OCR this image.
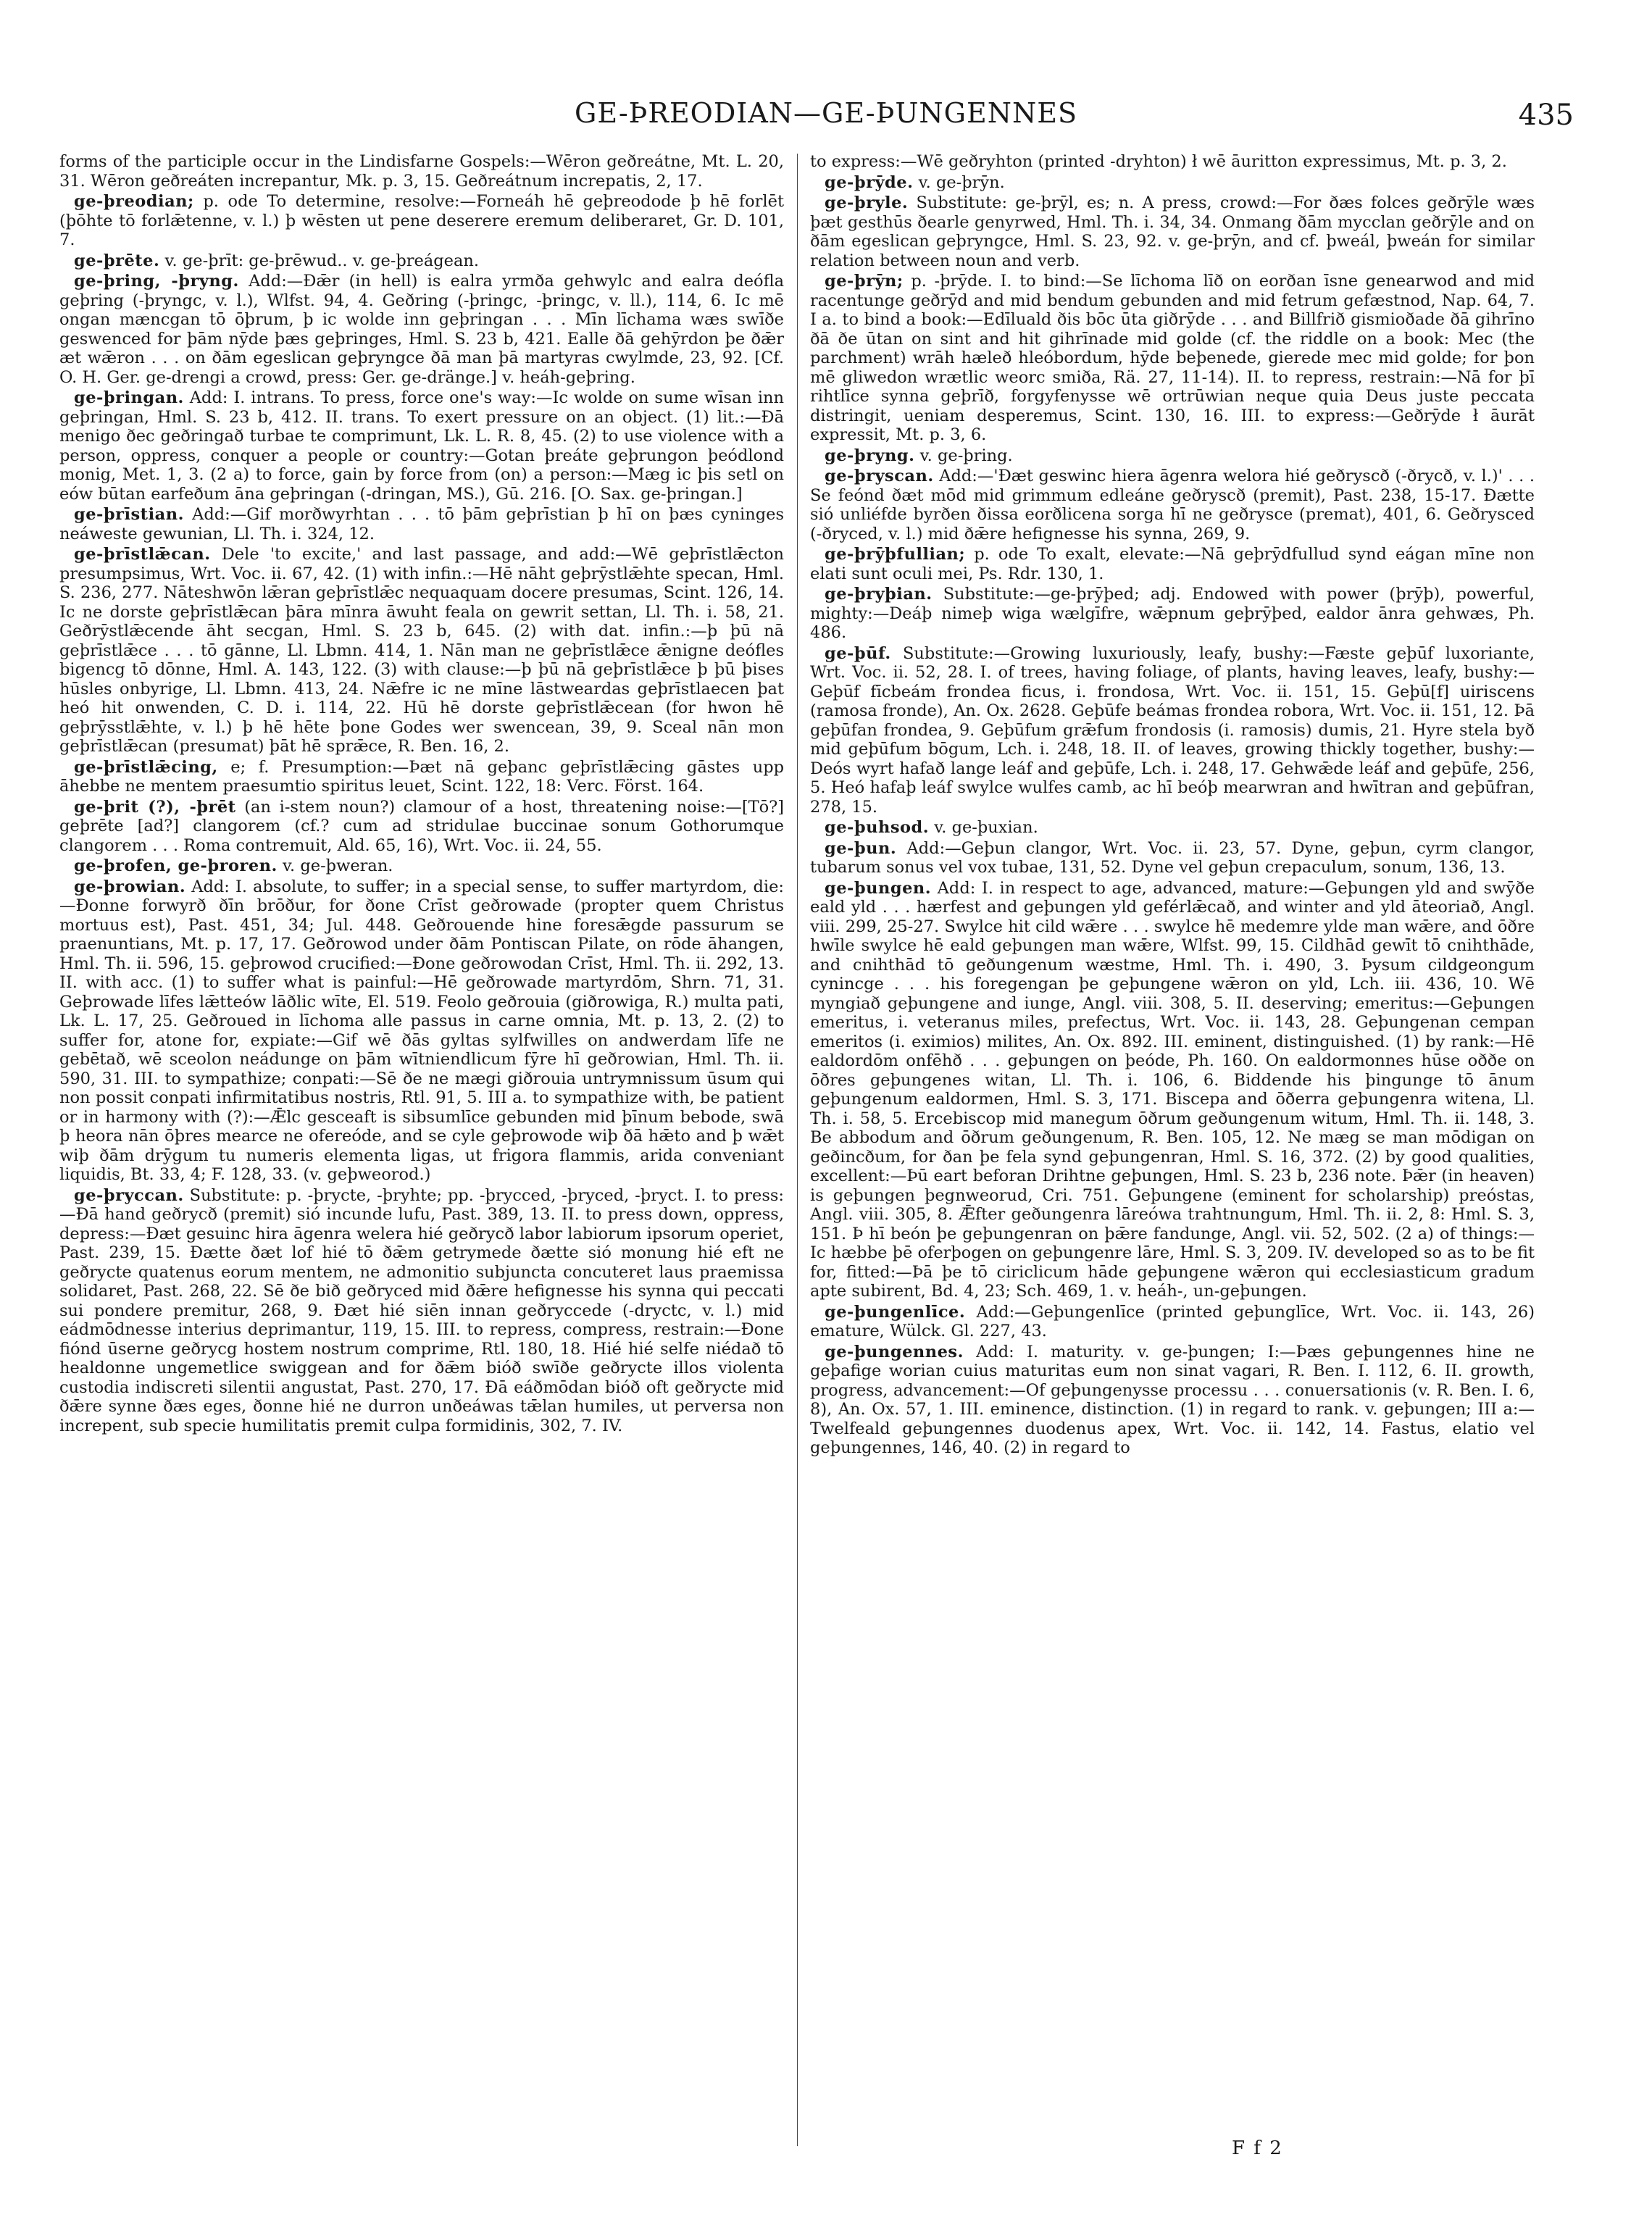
GE-ÞREODIAN—GE-ÞUNGENNES	435

forms of the participle occur in the Lindisfarne Gospels:—Wēron geðreátne, Mt. L. 20, 31. Wēron geðreáten increpantur, Mk. p. 3, 15. Geðreátnum increpatis, 2, 17.

ge-þreodian; p. ode To determine, resolve:—Forneáh hē geþreodode þ hē forlēt (þōhte tō forlǣtenne, v. l.) þ wēsten ut pene deserere eremum deliberaret, Gr. D. 101, 7.

ge-þrēte. v. ge-þrīt: ge-þrēwud.. v. ge-þreágean.

ge-þring, -þryng. Add:—Ðǣr (in hell) is ealra yrmða gehwylc and ealra deófla geþring (-þryngc, v. l.), Wlfst. 94, 4. Geðring (-þringc, -þringc, v. ll.), 114, 6. Ic mē ongan mæncgan tō ōþrum, þ ic wolde inn geþringan . . . Mīn līchama wæs swīðe geswenced for þām nȳde þæs geþringes, Hml. S. 23 b, 421. Ealle ðā gehȳrdon þe ðǣr æt wǣron . . . on ðām egeslican geþryngce ðā man þā martyras cwylmde, 23, 92. [Cf. O. H. Ger. ge-drengi a crowd, press: Ger. ge-dränge.] v. heáh-geþring.

ge-þringan. Add: I. intrans. To press, force one's way:—Ic wolde on sume wīsan inn geþringan, Hml. S. 23 b, 412. II. trans. To exert pressure on an object. (1) lit.:—Ðā menigo ðec geðringað turbae te comprimunt, Lk. L. R. 8, 45. (2) to use violence with a person, oppress, conquer a people or country:—Gotan þreáte geþrungon þeódlond monig, Met. 1, 3. (2 a) to force, gain by force from (on) a person:—Mæg ic þis setl on eów būtan earfeðum āna geþringan (-dringan, MS.), Gū. 216. [O. Sax. ge-þringan.]

ge-þrīstian. Add:—Gif morðwyrhtan . . . tō þām geþrīstian þ hī on þæs cyninges neáweste gewunian, Ll. Th. i. 324, 12.

ge-þrīstlǣcan. Dele 'to excite,' and last passage, and add:—Wē geþrīstlǣcton presumpsimus, Wrt. Voc. ii. 67, 42. (1) with infin.:—Hē nāht geþrȳstlǣhte specan, Hml. S. 236, 277. Nāteshwōn lǣran geþrīstlǣc nequaquam docere presumas, Scint. 126, 14. Ic ne dorste geþrīstlǣcan þāra mīnra āwuht feala on gewrit settan, Ll. Th. i. 58, 21. Geðrȳstlǣcende āht secgan, Hml. S. 23 b, 645. (2) with dat. infin.:—þ þū nā geþrīstlǣce . . . tō gānne, Ll. Lbmn. 414, 1. Nān man ne geþrīstlǣce ǣnigne deófles bigencg tō dōnne, Hml. A. 143, 122. (3) with clause:—þ þū nā geþrīstlǣce þ þū þises hūsles onbyrige, Ll. Lbmn. 413, 24. Nǣfre ic ne mīne lāstweardas geþrīstlaecen þat heó hit onwenden, C. D. i. 114, 22. Hū hē dorste geþrīstlǣcean (for hwon hē geþrȳsstlǣhte, v. l.) þ hē hēte þone Godes wer swencean, 39, 9. Sceal nān mon geþrīstlǣcan (presumat) þāt hē sprǣce, R. Ben. 16, 2.

ge-þrīstlǣcing, e; f. Presumption:—Þæt nā geþanc geþrīstlǣcing gāstes upp āhebbe ne mentem praesumtio spiritus leuet, Scint. 122, 18: Verc. Först. 164.

ge-þrit (?), -þrēt (an i-stem noun?) clamour of a host, threatening noise:—[Tō?] geþrēte [ad?] clangorem (cf.? cum ad stridulae buccinae sonum Gothorumque clangorem . . . Roma contremuit, Ald. 65, 16), Wrt. Voc. ii. 24, 55.

ge-þrofen, ge-þroren. v. ge-þweran.

ge-þrowian. Add: I. absolute, to suffer; in a special sense, to suffer martyrdom, die:—Ðonne forwyrð ðīn brōður, for ðone Crīst geðrowade (propter quem Christus mortuus est), Past. 451, 34; Jul. 448. Geðrouende hine foresǣgde passurum se praenuntians, Mt. p. 17, 17. Geðrowod under ðām Pontiscan Pilate, on rōde āhangen, Hml. Th. ii. 596, 15. geþrowod crucified:—Ðone geðrowodan Crīst, Hml. Th. ii. 292, 13. II. with acc. (1) to suffer what is painful:—Hē geðrowade martyrdōm, Shrn. 71, 31. Geþrowade līfes lǣtteów lāðlic wīte, El. 519. Feolo geðrouia (giðrowiga, R.) multa pati, Lk. L. 17, 25. Geðroued in līchoma alle passus in carne omnia, Mt. p. 13, 2. (2) to suffer for, atone for, expiate:—Gif wē ðās gyltas sylfwilles on andwerdam līfe ne gebētað, wē sceolon neádunge on þām wītniendlicum fȳre hī geðrowian, Hml. Th. ii. 590, 31. III. to sympathize; conpati:—Sē ðe ne mægi giðrouia untrymnissum ūsum qui non possit conpati infirmitatibus nostris, Rtl. 91, 5. III a. to sympathize with, be patient or in harmony with (?):—Ǣlc gesceaft is sibsumlīce gebunden mid þīnum bebode, swā þ heora nān ōþres mearce ne ofereóde, and se cyle geþrowode wiþ ðā hǣto and þ wǣt wiþ ðām drȳgum tu numeris elementa ligas, ut frigora flammis, arida conveniant liquidis, Bt. 33, 4; F. 128, 33. (v. geþweorod.)

ge-þryccan. Substitute: p. -þrycte, -þryhte; pp. -þrycced, -þryced, -þryct. I. to press:—Ðā hand geðrycð (premit) sió incunde lufu, Past. 389, 13. II. to press down, oppress, depress:—Ðæt gesuinc hira āgenra welera hié geðrycð labor labiorum ipsorum operiet, Past. 239, 15. Ðætte ðæt lof hié tō ðǣm getrymede ðætte sió monung hié eft ne geðrycte quatenus eorum mentem, ne admonitio subjuncta concuteret laus praemissa solidaret, Past. 268, 22. Sē ðe bið geðryced mid ðǣre hefignesse his synna qui peccati sui pondere premitur, 268, 9. Ðæt hié siēn innan geðryccede (-dryctc, v. l.) mid eádmōdnesse interius deprimantur, 119, 15. III. to repress, compress, restrain:—Ðone fiónd ūserne geðrycg hostem nostrum comprime, Rtl. 180, 18. Hié hié selfe niédað tō healdonne ungemetlice swiggean and for ðǣm bióð swīðe geðrycte illos violenta custodia indiscreti silentii angustat, Past. 270, 17. Ðā eáðmōdan bióð oft geðrycte mid ðǣre synne ðæs eges, ðonne hié ne durron unðeáwas tǣlan humiles, ut perversa non increpent, sub specie humilitatis premit culpa formidinis, 302, 7. IV.

to express:—Wē geðryhton (printed -dryhton) ł wē āuritton expressimus, Mt. p. 3, 2.

ge-þrȳde. v. ge-þrȳn.

ge-þryle. Substitute: ge-þrȳl, es; n. A press, crowd:—For ðæs folces geðrȳle wæs þæt gesthūs ðearle genyrwed, Hml. Th. i. 34, 34. Onmang ðām mycclan geðrȳle and on ðām egeslican geþryngce, Hml. S. 23, 92. v. ge-þrȳn, and cf. þweál, þweán for similar relation between noun and verb.

ge-þrȳn; p. -þrȳde. I. to bind:—Se līchoma līð on eorðan īsne genearwod and mid racentunge geðrȳd and mid bendum gebunden and mid fetrum gefæstnod, Nap. 64, 7. I a. to bind a book:—Edīluald ðis bōc ūta giðrȳde . . . and Billfrið gismioðade ðā gihrīno ðā ðe ūtan on sint and hit gihrīnade mid golde (cf. the riddle on a book: Mec (the parchment) wrāh hæleð hleóbordum, hȳde beþenede, gierede mec mid golde; for þon mē gliwedon wrætlic weorc smiða, Rä. 27, 11-14). II. to repress, restrain:—Nā for þī rihtlīce synna geþrīð, forgyfenysse wē ortrūwian neque quia Deus juste peccata distringit, ueniam desperemus, Scint. 130, 16. III. to express:—Geðrȳde ł āurāt expressit, Mt. p. 3, 6.

ge-þryng. v. ge-þring.

ge-þryscan. Add:—'Ðæt geswinc hiera āgenra welora hié geðryscð (-ðrycð, v. l.)' . . . Se feónd ðæt mōd mid grimmum edleáne geðryscð (premit), Past. 238, 15-17. Ðætte sió unliéfde byrðen ðissa eorðlicena sorga hī ne geðrysce (premat), 401, 6. Geðrysced (-ðryced, v. l.) mid ðǣre hefignesse his synna, 269, 9.

ge-þrȳþfullian; p. ode To exalt, elevate:—Nā geþrȳdfullud synd eágan mīne non elati sunt oculi mei, Ps. Rdr. 130, 1.

ge-þryþian. Substitute:—ge-þrȳþed; adj. Endowed with power (þrȳþ), powerful, mighty:—Deáþ nimeþ wiga wælgīfre, wǣpnum geþrȳþed, ealdor ānra gehwæs, Ph. 486.

ge-þūf. Substitute:—Growing luxuriously, leafy, bushy:—Fæste geþūf luxoriante, Wrt. Voc. ii. 52, 28. I. of trees, having foliage, of plants, having leaves, leafy, bushy:—Geþūf fīcbeám frondea ficus, i. frondosa, Wrt. Voc. ii. 151, 15. Geþū[f] uiriscens (ramosa fronde), An. Ox. 2628. Geþūfe beámas frondea robora, Wrt. Voc. ii. 151, 12. Þā geþūfan frondea, 9. Geþūfum grǣfum frondosis (i. ramosis) dumis, 21. Hyre stela byð mid geþūfum bōgum, Lch. i. 248, 18. II. of leaves, growing thickly together, bushy:—Deós wyrt hafað lange leáf and geþūfe, Lch. i. 248, 17. Gehwǣde leáf and geþūfe, 256, 5. Heó hafaþ leáf swylce wulfes camb, ac hī beóþ mearwran and hwītran and geþūfran, 278, 15.

ge-þuhsod. v. ge-þuxian.

ge-þun. Add:—Geþun clangor, Wrt. Voc. ii. 23, 57. Dyne, geþun, cyrm clangor, tubarum sonus vel vox tubae, 131, 52. Dyne vel geþun crepaculum, sonum, 136, 13.

ge-þungen. Add: I. in respect to age, advanced, mature:—Geþungen yld and swȳðe eald yld . . . hærfest and geþungen yld geférlǣcað, and winter and yld āteoriað, Angl. viii. 299, 25-27. Swylce hit cild wǣre . . . swylce hē medemre ylde man wǣre, and ōðre hwīle swylce hē eald geþungen man wǣre, Wlfst. 99, 15. Cildhād gewīt tō cnihthāde, and cnihthād tō geðungenum wæstme, Hml. Th. i. 490, 3. Þysum cildgeongum cynincge . . . his foregengan þe geþungene wǣron on yld, Lch. iii. 436, 10. Wē myngiað geþungene and iunge, Angl. viii. 308, 5. II. deserving; emeritus:—Geþungen emeritus, i. veteranus miles, prefectus, Wrt. Voc. ii. 143, 28. Geþungenan cempan emeritos (i. eximios) milites, An. Ox. 892. III. eminent, distinguished. (1) by rank:—Hē ealdordōm onfēhð . . . geþungen on þeóde, Ph. 160. On ealdormonnes hūse oððe on ōðres geþungenes witan, Ll. Th. i. 106, 6. Biddende his þingunge tō ānum geþungenum ealdormen, Hml. S. 3, 171. Biscepa and ōðerra geþungenra witena, Ll. Th. i. 58, 5. Ercebiscop mid manegum ōðrum geðungenum witum, Hml. Th. ii. 148, 3. Be abbodum and ōðrum geðungenum, R. Ben. 105, 12. Ne mæg se man mōdigan on geðincðum, for ðan þe fela synd geþungenran, Hml. S. 16, 372. (2) by good qualities, excellent:—Þū eart beforan Drihtne geþungen, Hml. S. 23 b, 236 note. Þǣr (in heaven) is geþungen þegnweorud, Cri. 751. Geþungene (eminent for scholarship) preóstas, Angl. viii. 305, 8. Ǣfter geðungenra lāreówa trahtnungum, Hml. Th. ii. 2, 8: Hml. S. 3, 151. Þ hī beón þe geþungenran on þǣre fandunge, Angl. vii. 52, 502. (2 a) of things:—Ic hæbbe þē oferþogen on geþungenre lāre, Hml. S. 3, 209. IV. developed so as to be fit for, fitted:—Þā þe tō ciriclicum hāde geþungene wǣron qui ecclesiasticum gradum apte subirent, Bd. 4, 23; Sch. 469, 1. v. heáh-, un-geþungen.

ge-þungenlīce. Add:—Geþungenlīce (printed geþunglīce, Wrt. Voc. ii. 143, 26) emature, Wülck. Gl. 227, 43.

ge-þungennes. Add: I. maturity. v. ge-þungen; I:—Þæs geþungennes hine ne geþafige worian cuius maturitas eum non sinat vagari, R. Ben. I. 112, 6. II. growth, progress, advancement:—Of geþungenysse processu . . . conuersationis (v. R. Ben. I. 6, 8), An. Ox. 57, 1. III. eminence, distinction. (1) in regard to rank. v. geþungen; III a:—Twelfeald geþungennes duodenus apex, Wrt. Voc. ii. 142, 14. Fastus, elatio vel geþungennes, 146, 40. (2) in regard to

F f 2
